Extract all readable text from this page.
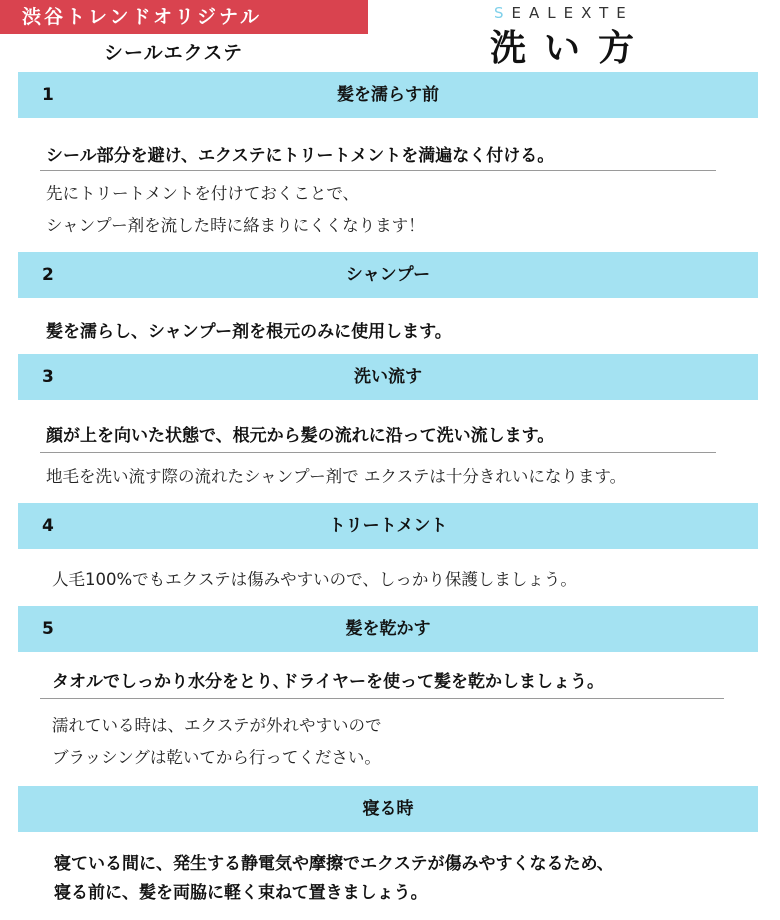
渋谷トレンドオリジナル
シールエクステ
SEALEXTE
洗い方
1	髪を濡らす前
シール部分を避け、エクステにトリートメントを満遍なく付ける。
先にトリートメントを付けておくことで、
シャンプー剤を流した時に絡まりにくくなります！
2	シャンプー
髪を濡らし、シャンプー剤を根元のみに使用します。
3	洗い流す
顔が上を向いた状態で、根元から髪の流れに沿って洗い流します。
地毛を洗い流す際の流れたシャンプー剤で エクステは十分きれいになります。
4	トリートメント
人毛100%でもエクステは傷みやすいので、しっかり保護しましょう。
5	髪を乾かす
タオルでしっかり水分をとり､ドライヤーを使って髪を乾かしましょう。
濡れている時は、エクステが外れやすいので
ブラッシングは乾いてから行ってください。
寝る時
寝ている間に、発生する静電気や摩擦でエクステが傷みやすくなるため、
寝る前に、髪を両脇に軽く束ねて置きましょう。
